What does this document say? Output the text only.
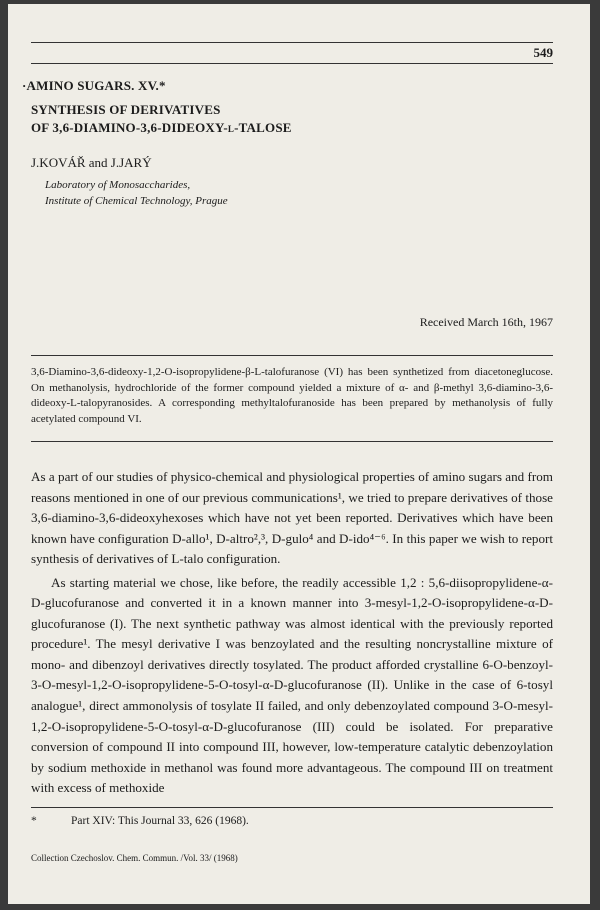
549
·AMINO SUGARS. XV.*
SYNTHESIS OF DERIVATIVES
OF 3,6-DIAMINO-3,6-DIDEOXY-l-TALOSE
J.KOVÁŘ and J.JARÝ
Laboratory of Monosaccharides,
Institute of Chemical Technology, Prague
Received March 16th, 1967
3,6-Diamino-3,6-dideoxy-1,2-O-isopropylidene-β-L-talofuranose (VI) has been synthetized from diacetoneglucose. On methanolysis, hydrochloride of the former compound yielded a mixture of α- and β-methyl 3,6-diamino-3,6-dideoxy-L-talopyranosides. A corresponding methyltalofuranoside has been prepared by methanolysis of fully acetylated compound VI.

As a part of our studies of physico-chemical and physiological properties of amino sugars and from reasons mentioned in one of our previous communications¹, we tried to prepare derivatives of those 3,6-diamino-3,6-dideoxyhexoses which have not yet been reported. Derivatives which have been known have configuration D-allo¹, D-altro²,³, D-gulo⁴ and D-ido⁴⁻⁶. In this paper we wish to report synthesis of derivatives of L-talo configuration.

As starting material we chose, like before, the readily accessible 1,2 : 5,6-diisopropylidene-α-D-glucofuranose and converted it in a known manner into 3-mesyl-1,2-O-isopropylidene-α-D-glucofuranose (I). The next synthetic pathway was almost identical with the previously reported procedure¹. The mesyl derivative I was benzoylated and the resulting noncrystalline mixture of mono- and dibenzoyl derivatives directly tosylated. The product afforded crystalline 6-O-benzoyl-3-O-mesyl-1,2-O-isopropylidene-5-O-tosyl-α-D-glucofuranose (II). Unlike in the case of 6-tosyl analogue¹, direct ammonolysis of tosylate II failed, and only debenzoylated compound 3-O-mesyl-1,2-O-isopropylidene-5-O-tosyl-α-D-glucofuranose (III) could be isolated. For preparative conversion of compound II into compound III, however, low-temperature catalytic debenzoylation by sodium methoxide in methanol was found more advantageous. The compound III on treatment with excess of methoxide

*	Part XIV: This Journal 33, 626 (1968).
Collection Czechoslov. Chem. Commun. /Vol. 33/ (1968)
